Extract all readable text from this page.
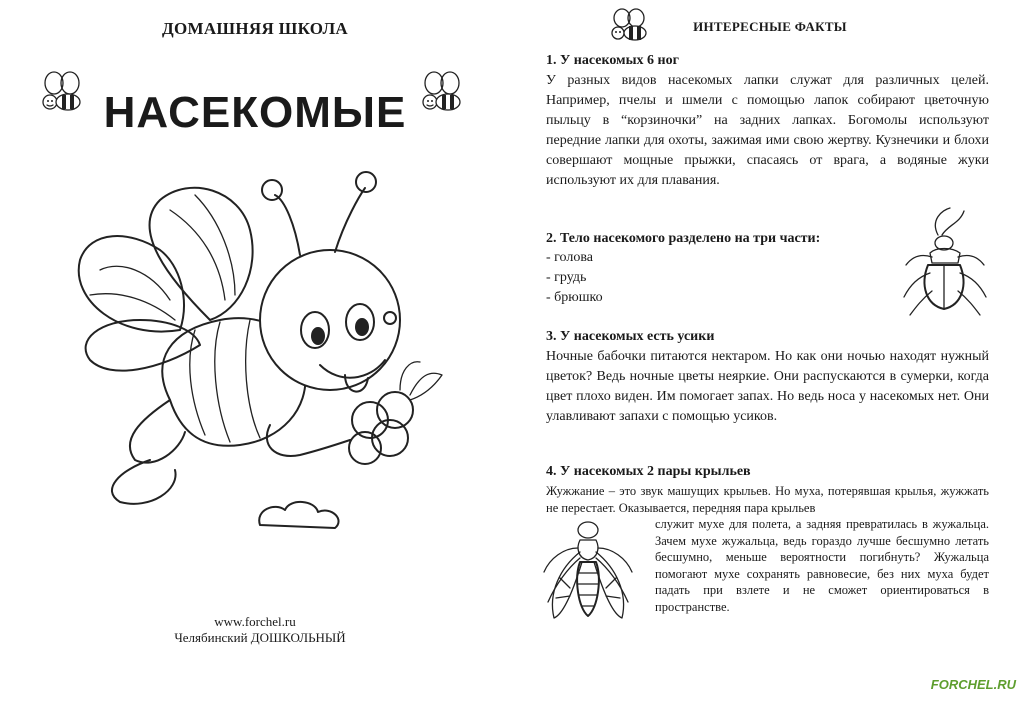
ДОМАШНЯЯ ШКОЛА
НАСЕКОМЫЕ
www.forchel.ru
Челябинский ДОШКОЛЬНЫЙ
ИНТЕРЕСНЫЕ ФАКТЫ
1. У насекомых 6 ног
У разных видов насекомых лапки служат для различных целей. Например, пчелы и шмели с помощью лапок собирают цветочную пыльцу в “корзиночки” на задних лапках. Богомолы используют передние лапки для охоты, зажимая ими свою жертву. Кузнечики и блохи совершают мощные прыжки, спасаясь от врага, а водяные жуки используют их для плавания.
2. Тело насекомого разделено на три части:
- голова
- грудь
- брюшко
3. У насекомых есть усики
Ночные бабочки питаются нектаром. Но как они ночью находят нужный цветок? Ведь ночные цветы неяркие. Они распускаются в сумерки, когда цвет плохо виден. Им помогает запах. Но ведь носа у насекомых нет. Они улавливают запахи с помощью усиков.
4. У насекомых 2 пары крыльев
Жужжание – это звук машущих крыльев. Но муха, потерявшая крылья, жужжать не перестает. Оказывается, передняя пара крыльев
служит мухе для полета, а задняя превратилась в жужальца. Зачем мухе жужальца, ведь гораздо лучше бесшумно летать бесшумно, меньше вероятности погибнуть? Жужальца помогают мухе сохранять равновесие, без них муха будет падать при взлете и не сможет ориентироваться в пространстве.
FORCHEL.RU
